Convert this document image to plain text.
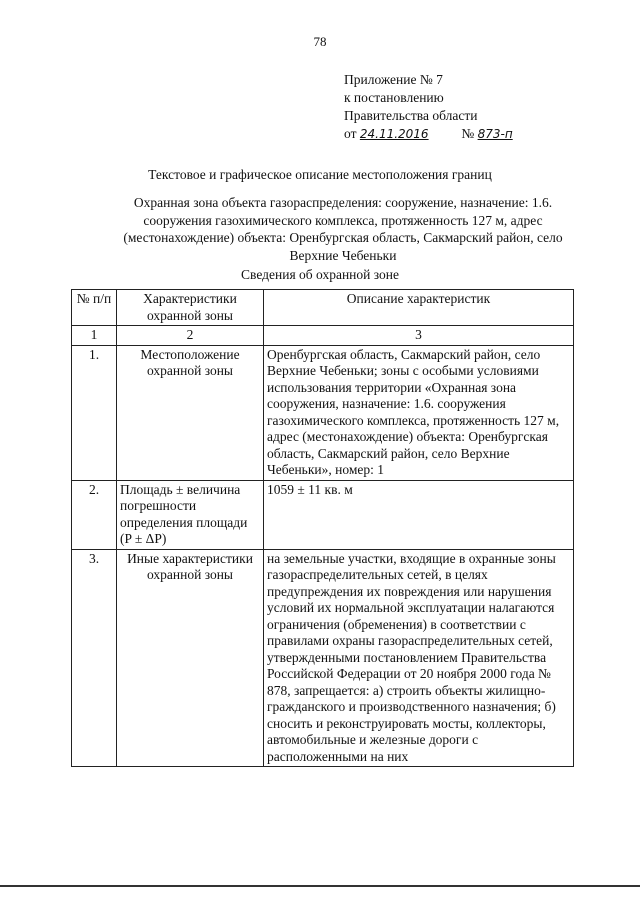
78
Приложение № 7
к постановлению
Правительства области
от 24.11.2016 № 873-п
Текстовое и графическое описание местоположения границ
Охранная зона объекта газораспределения: сооружение, назначение: 1.6. сооружения газохимического комплекса, протяженность 127 м, адрес (местонахождение) объекта: Оренбургская область, Сакмарский район, село Верхние Чебеньки
Сведения об охранной зоне
№ п/п	Характеристики охранной зоны	Описание характеристик
1	2	3
1.	Местоположение охранной зоны	Оренбургская область, Сакмарский район, село Верхние Чебеньки; зоны с особыми условиями использования территории «Охранная зона сооружения, назначение: 1.6. сооружения газохимического комплекса, протяженность 127 м, адрес (местонахождение) объекта: Оренбургская область, Сакмарский район, село Верхние Чебеньки», номер: 1
2.	Площадь ± величина погрешности определения площади (P ± ΔP)	1059 ± 11 кв. м
3.	Иные характеристики охранной зоны	на земельные участки, входящие в охранные зоны газораспределительных сетей, в целях предупреждения их повреждения или нарушения условий их нормальной эксплуатации налагаются ограничения (обременения) в соответствии с правилами охраны газораспределительных сетей, утвержденными постановлением Правительства Российской Федерации от 20 ноября 2000 года № 878, запрещается: а) строить объекты жилищно-гражданского и производственного назначения; б) сносить и реконструировать мосты, коллекторы, автомобильные и железные дороги с расположенными на них
